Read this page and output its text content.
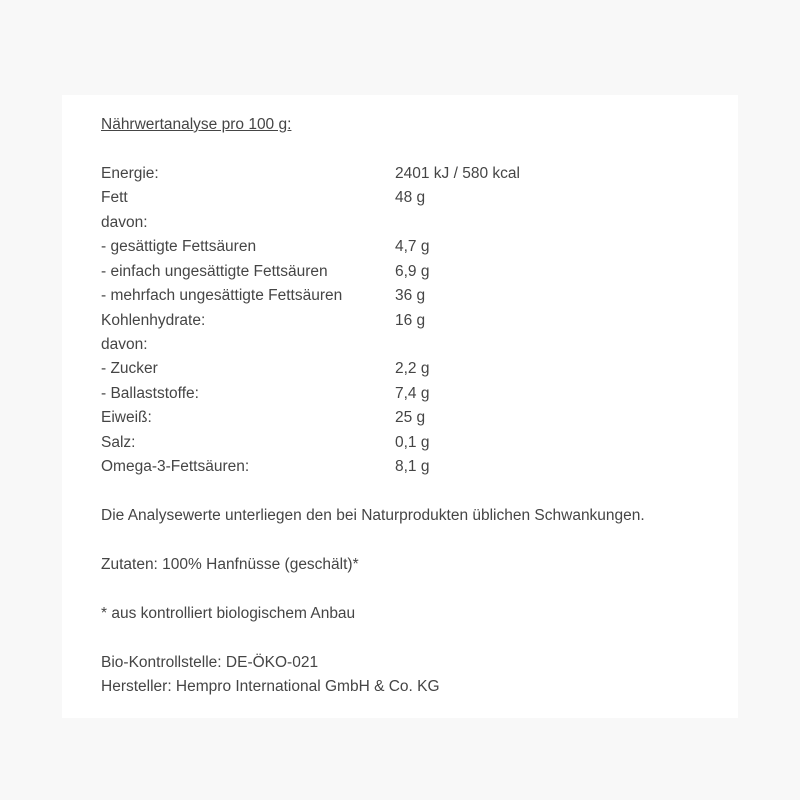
Nährwertanalyse pro 100 g:
Energie:	2401 kJ / 580 kcal
Fett	48 g
davon:
- gesättigte Fettsäuren	4,7 g
- einfach ungesättigte Fettsäuren	6,9 g
- mehrfach ungesättigte Fettsäuren	36 g
Kohlenhydrate:	16 g
davon:
- Zucker	2,2 g
- Ballaststoffe:	7,4 g
Eiweiß:	25 g
Salz:	0,1 g
Omega-3-Fettsäuren:	8,1 g
Die Analysewerte unterliegen den bei Naturprodukten üblichen Schwankungen.
Zutaten: 100% Hanfnüsse (geschält)*
* aus kontrolliert biologischem Anbau
Bio-Kontrollstelle: DE-ÖKO-021
Hersteller: Hempro International GmbH & Co. KG
